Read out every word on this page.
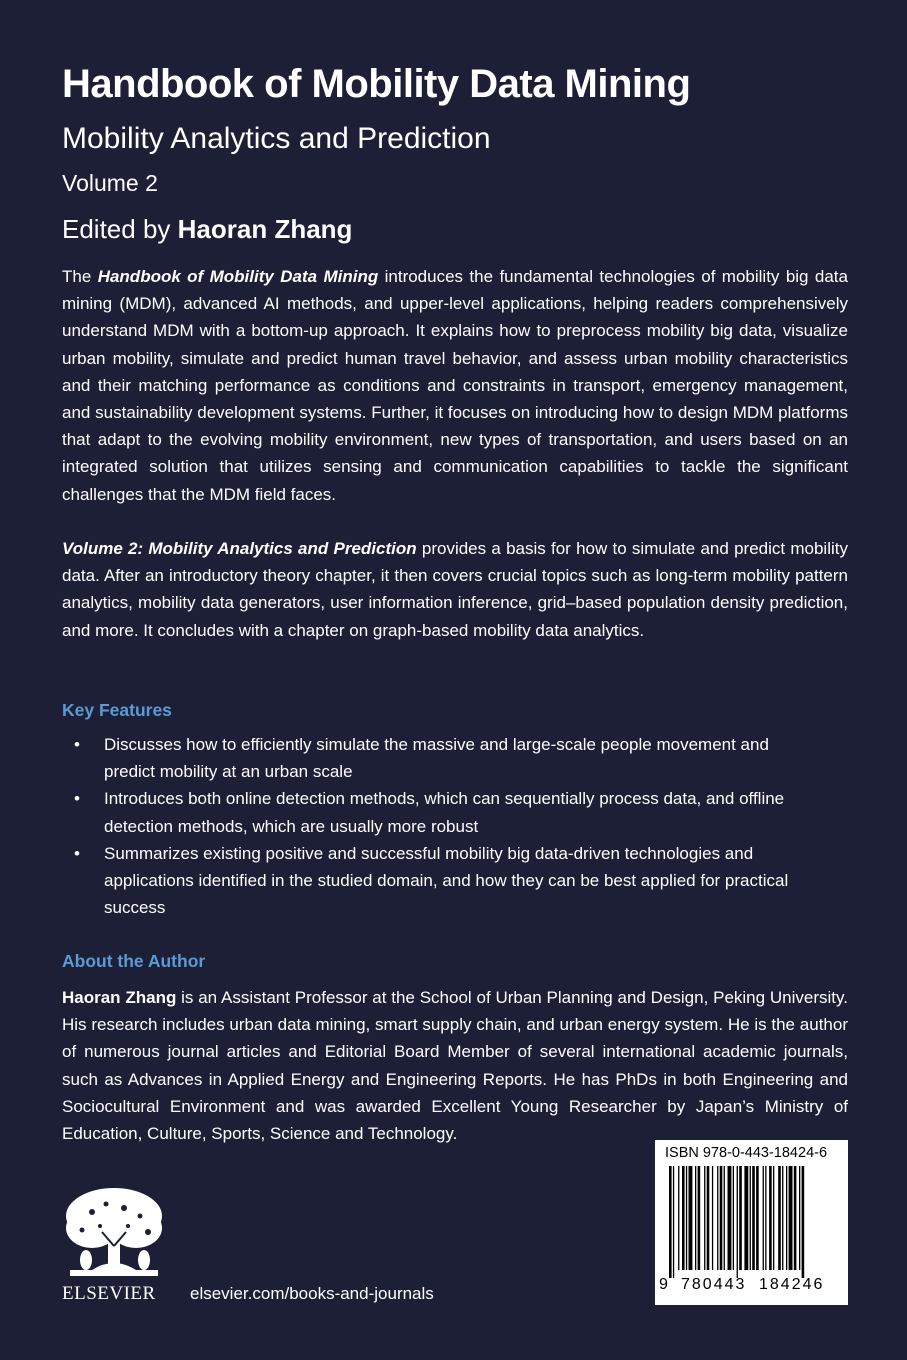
Handbook of Mobility Data Mining
Mobility Analytics and Prediction
Volume 2
Edited by Haoran Zhang

The Handbook of Mobility Data Mining introduces the fundamental technologies of mobility big data mining (MDM), advanced AI methods, and upper-level applications, helping readers comprehensively understand MDM with a bottom-up approach. It explains how to preprocess mobility big data, visualize urban mobility, simulate and predict human travel behavior, and assess urban mobility characteristics and their matching performance as conditions and constraints in transport, emergency management, and sustainability development systems. Further, it focuses on introducing how to design MDM platforms that adapt to the evolving mobility environment, new types of transportation, and users based on an integrated solution that utilizes sensing and communication capabilities to tackle the significant challenges that the MDM field faces.

Volume 2: Mobility Analytics and Prediction provides a basis for how to simulate and predict mobility data. After an introductory theory chapter, it then covers crucial topics such as long-term mobility pattern analytics, mobility data generators, user information inference, grid–based population density prediction, and more. It concludes with a chapter on graph-based mobility data analytics.

Key Features
• Discusses how to efficiently simulate the massive and large-scale people movement and predict mobility at an urban scale
• Introduces both online detection methods, which can sequentially process data, and offline detection methods, which are usually more robust
• Summarizes existing positive and successful mobility big data-driven technologies and applications identified in the studied domain, and how they can be best applied for practical success
About the Author

Haoran Zhang is an Assistant Professor at the School of Urban Planning and Design, Peking University. His research includes urban data mining, smart supply chain, and urban energy system. He is the author of numerous journal articles and Editorial Board Member of several international academic journals, such as Advances in Applied Energy and Engineering Reports. He has PhDs in both Engineering and Sociocultural Environment and was awarded Excellent Young Researcher by Japan’s Ministry of Education, Culture, Sports, Science and Technology.

ELSEVIER elsevier.com/books-and-journals
ISBN 978-0-443-18424-6
9 780443 184246
